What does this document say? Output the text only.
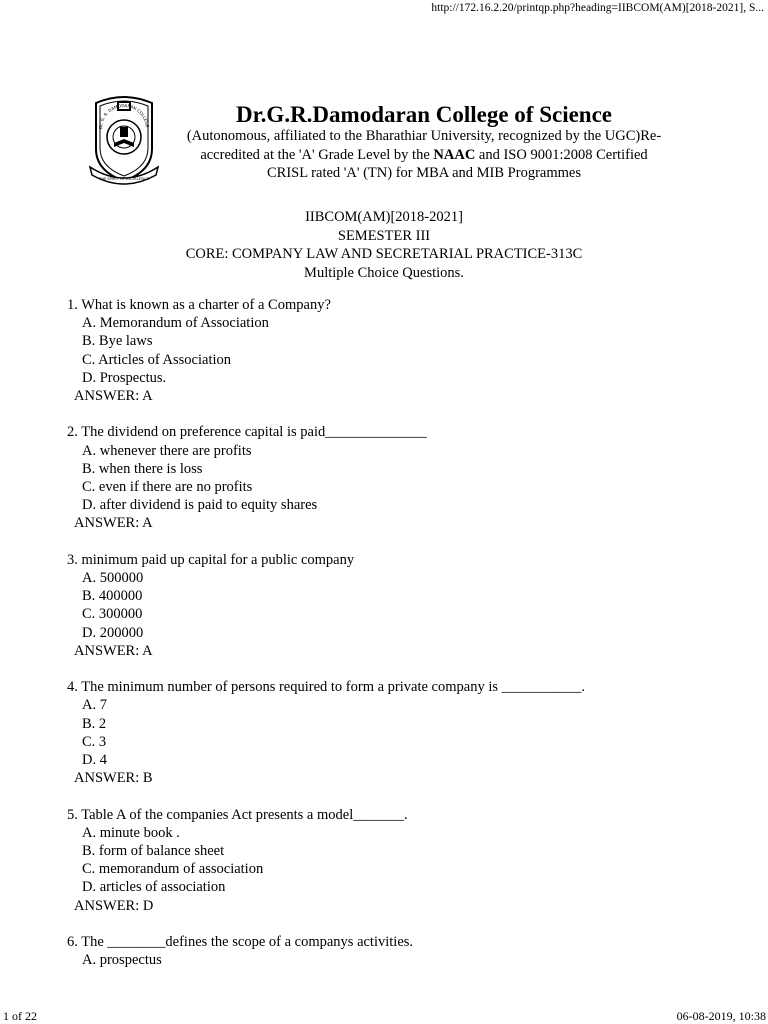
http://172.16.2.20/printqp.php?heading=IIBCOM(AM)[2018-2021], S...
Dr. G. R. DAMODARAN COLLEGE
THE SPIRIT OF EXCELLENCE
Dr.G.R.Damodaran College of Science
(Autonomous, affiliated to the Bharathiar University, recognized by the UGC)Re-
accredited at the 'A' Grade Level by the NAAC and ISO 9001:2008 Certified
CRISL rated 'A' (TN) for MBA and MIB Programmes
IIBCOM(AM)[2018-2021]
SEMESTER III
CORE: COMPANY LAW AND SECRETARIAL PRACTICE-313C
Multiple Choice Questions.
1. What is known as a charter of a Company?
A. Memorandum of Association
B. Bye laws
C. Articles of Association
D. Prospectus.
ANSWER: A
2. The dividend on preference capital is paid______________
A. whenever there are profits
B. when there is loss
C. even if there are no profits
D. after dividend is paid to equity shares
ANSWER: A
3. minimum paid up capital for a public company
A. 500000
B. 400000
C. 300000
D. 200000
ANSWER: A
4. The minimum number of persons required to form a private company is ___________.
A. 7
B. 2
C. 3
D. 4
ANSWER: B
5. Table A of the companies Act presents a model_______.
A. minute book .
B. form of balance sheet
C. memorandum of association
D. articles of association
ANSWER: D
6. The ________defines the scope of a companys activities.
A. prospectus
1 of 22	06-08-2019, 10:38
